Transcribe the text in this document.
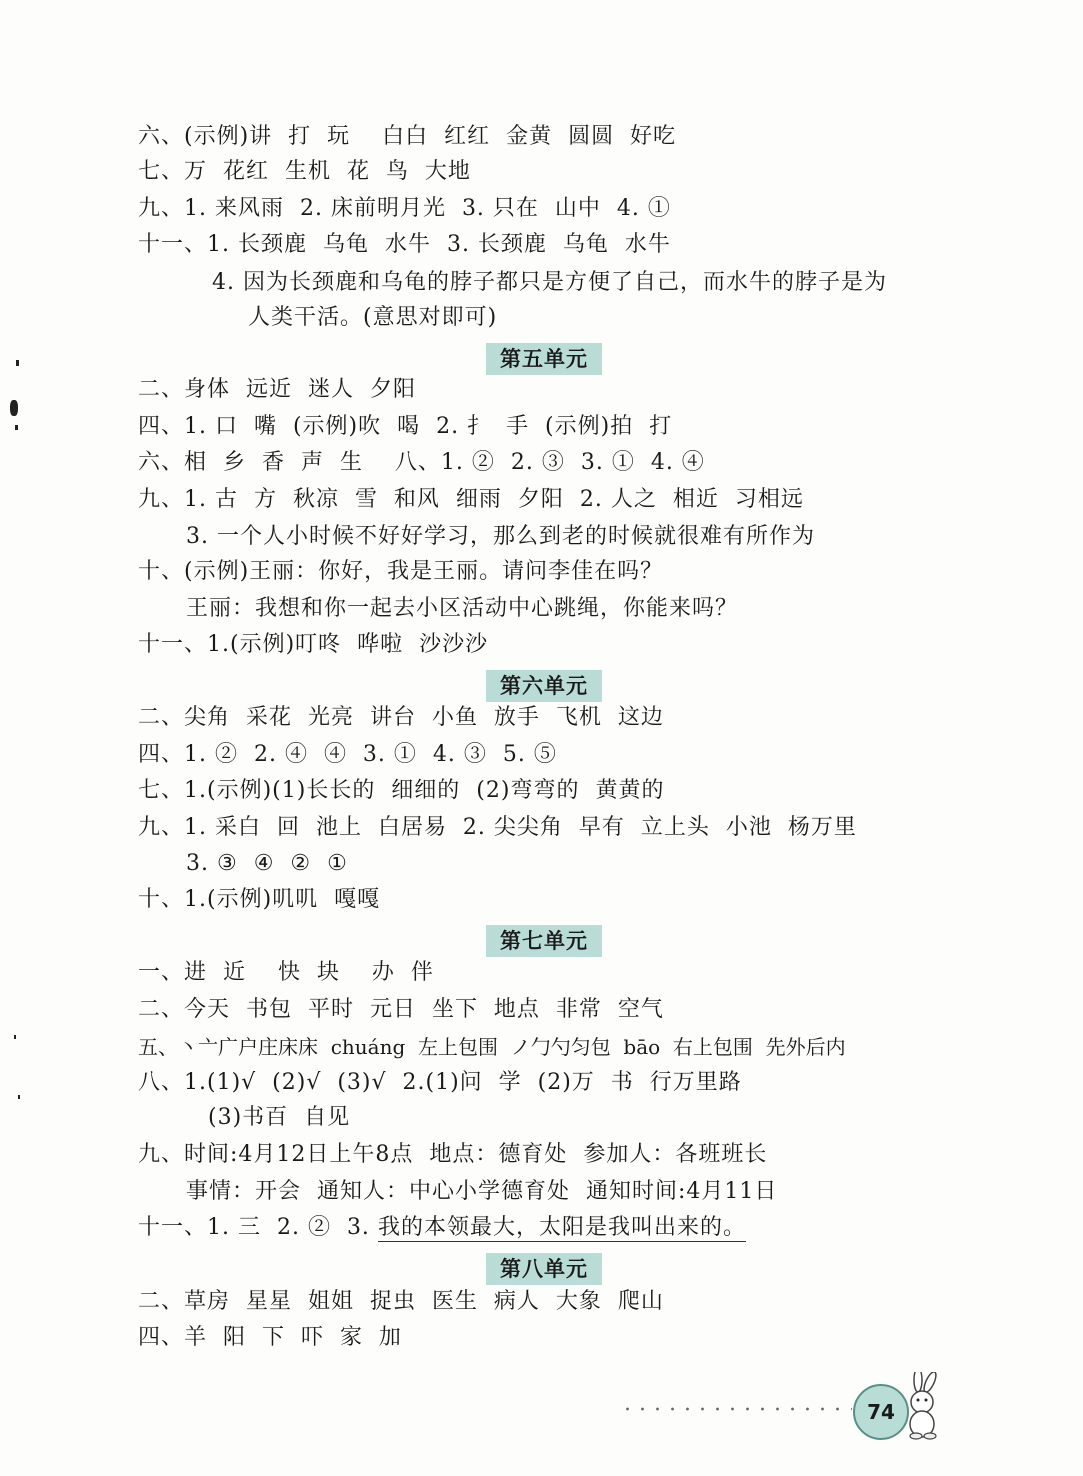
六、(示例)讲  打  玩    白白  红红  金黄  圆圆  好吃
七、万  花红  生机  花  鸟  大地
九、1. 来风雨  2. 床前明月光  3. 只在  山中  4. ①
十一、1. 长颈鹿  乌龟  水牛  3. 长颈鹿  乌龟  水牛
4. 因为长颈鹿和乌龟的脖子都只是方便了自己，而水牛的脖子是为
人类干活。(意思对即可)
第五单元
二、身体  远近  迷人  夕阳
四、1. 口  嘴  (示例)吹  喝  2. 扌  手  (示例)拍  打
六、相  乡  香  声  生    八、1. ②  2. ③  3. ①  4. ④
九、1. 古  方  秋凉  雪  和风  细雨  夕阳  2. 人之  相近  习相远
3. 一个人小时候不好好学习，那么到老的时候就很难有所作为
十、(示例)王丽：你好，我是王丽。请问李佳在吗？
王丽：我想和你一起去小区活动中心跳绳，你能来吗？
十一、1.(示例)叮咚  哗啦  沙沙沙
第六单元
二、尖角  采花  光亮  讲台  小鱼  放手  飞机  这边
四、1. ②  2. ④  ④  3. ①  4. ③  5. ⑤
七、1.(示例)(1)长长的  细细的  (2)弯弯的  黄黄的
九、1. 采白  回  池上  白居易  2. 尖尖角  早有  立上头  小池  杨万里
3. ③  ④  ②  ①
十、1.(示例)叽叽  嘎嘎
第七单元
一、进  近    快  块    办  伴
二、今天  书包  平时  元日  坐下  地点  非常  空气
五、丶亠广户庄床床  chuáng  左上包围  ノ勹勺匀包  bāo  右上包围  先外后内
八、1.(1)√  (2)√  (3)√  2.(1)问  学  (2)万  书  行万里路
(3)书百  自见
九、时间:4月12日上午8点  地点：德育处  参加人：各班班长
事情：开会  通知人：中心小学德育处  通知时间:4月11日
十一、1. 三  2. ②  3. 我的本领最大，太阳是我叫出来的。
第八单元
二、草房  星星  姐姐  捉虫  医生  病人  大象  爬山
四、羊  阳  下  吓  家  加
74
